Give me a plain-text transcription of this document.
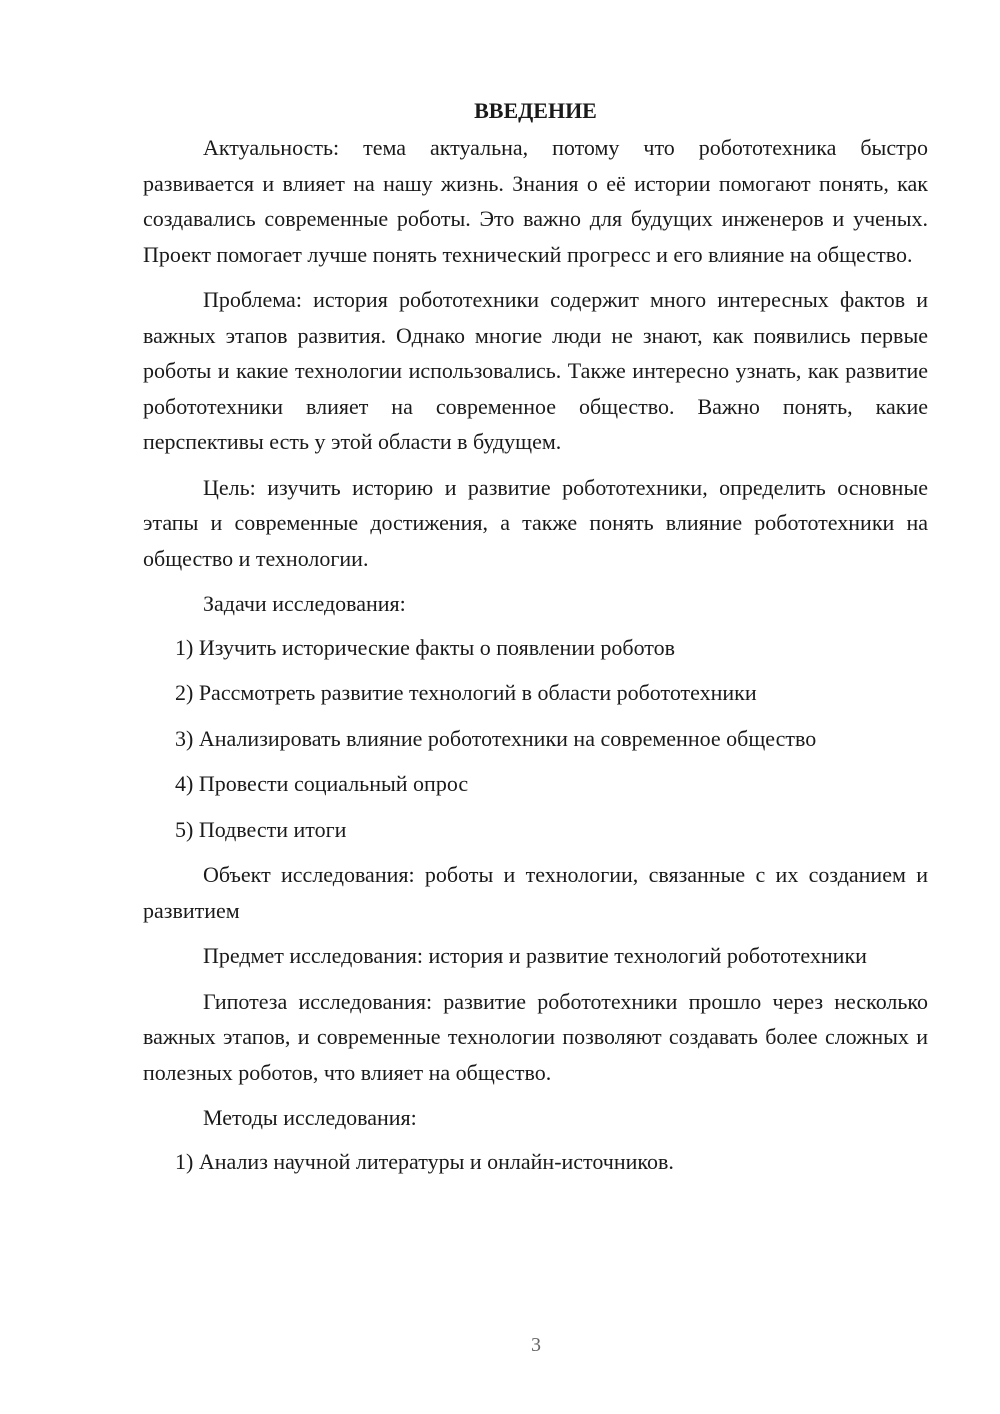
ВВЕДЕНИЕ

Актуальность: тема актуальна, потому что робототехника быстро развивается и влияет на нашу жизнь. Знания о её истории помогают понять, как создавались современные роботы. Это важно для будущих инженеров и ученых. Проект помогает лучше понять технический прогресс и его влияние на общество.

Проблема: история робототехники содержит много интересных фактов и важных этапов развития. Однако многие люди не знают, как появились первые роботы и какие технологии использовались. Также интересно узнать, как развитие робототехники влияет на современное общество. Важно понять, какие перспективы есть у этой области в будущем.

Цель: изучить историю и развитие робототехники, определить основные этапы и современные достижения, а также понять влияние робототехники на общество и технологии.

Задачи исследования:

1) Изучить исторические факты о появлении роботов
2) Рассмотреть развитие технологий в области робототехники
3) Анализировать влияние робототехники на современное общество
4) Провести социальный опрос
5) Подвести итоги

Объект исследования: роботы и технологии, связанные с их созданием и развитием

Предмет исследования: история и развитие технологий робототехники

Гипотеза исследования: развитие робототехники прошло через несколько важных этапов, и современные технологии позволяют создавать более сложных и полезных роботов, что влияет на общество.

Методы исследования:

1) Анализ научной литературы и онлайн-источников.
3
